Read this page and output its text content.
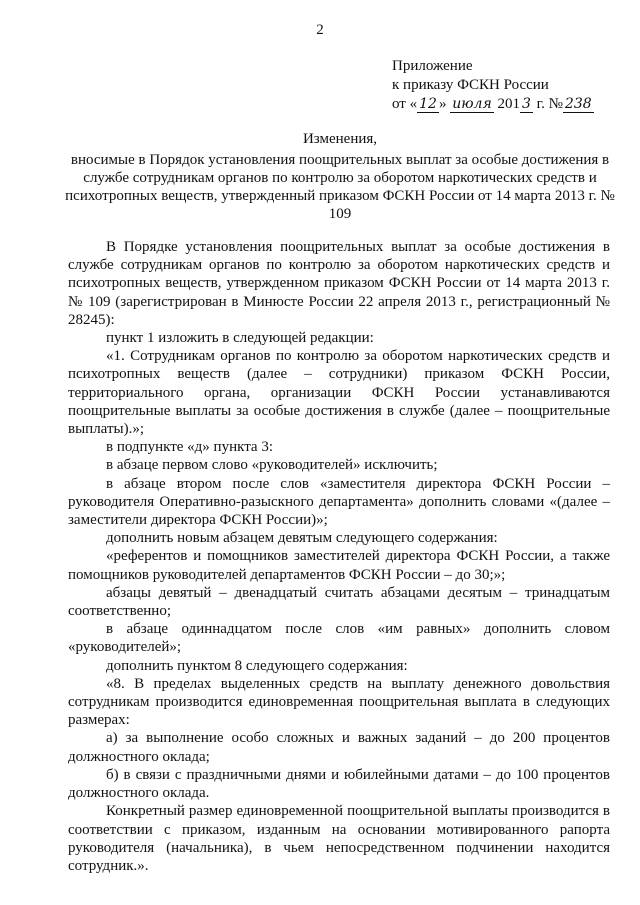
2
Приложение
к приказу ФСКН России
от « 12 » июля 201 3 г. № 238
Изменения,
вносимые в Порядок установления поощрительных выплат за особые достижения в службе сотрудникам органов по контролю за оборотом наркотических средств и психотропных веществ, утвержденный приказом ФСКН России от 14 марта 2013 г. № 109

В Порядке установления поощрительных выплат за особые достижения в службе сотрудникам органов по контролю за оборотом наркотических средств и психотропных веществ, утвержденном приказом ФСКН России от 14 марта 2013 г. № 109 (зарегистрирован в Минюсте России 22 апреля 2013 г., регистрационный № 28245):

пункт 1 изложить в следующей редакции:

«1. Сотрудникам органов по контролю за оборотом наркотических средств и психотропных веществ (далее – сотрудники) приказом ФСКН России, территориального органа, организации ФСКН России устанавливаются поощрительные выплаты за особые достижения в службе (далее – поощрительные выплаты).»;

в подпункте «д» пункта 3:

в абзаце первом слово «руководителей» исключить;

в абзаце втором после слов «заместителя директора ФСКН России – руководителя Оперативно-разыскного департамента» дополнить словами «(далее – заместители директора ФСКН России)»;

дополнить новым абзацем девятым следующего содержания:

«референтов и помощников заместителей директора ФСКН России, а также помощников руководителей департаментов ФСКН России – до 30;»;

абзацы девятый – двенадцатый считать абзацами десятым – тринадцатым соответственно;

в абзаце одиннадцатом после слов «им равных» дополнить словом «руководителей»;

дополнить пунктом 8 следующего содержания:

«8. В пределах выделенных средств на выплату денежного довольствия сотрудникам производится единовременная поощрительная выплата в следующих размерах:

а) за выполнение особо сложных и важных заданий – до 200 процентов должностного оклада;

б) в связи с праздничными днями и юбилейными датами – до 100 процентов должностного оклада.

Конкретный размер единовременной поощрительной выплаты производится в соответствии с приказом, изданным на основании мотивированного рапорта руководителя (начальника), в чьем непосредственном подчинении находится сотрудник.».
